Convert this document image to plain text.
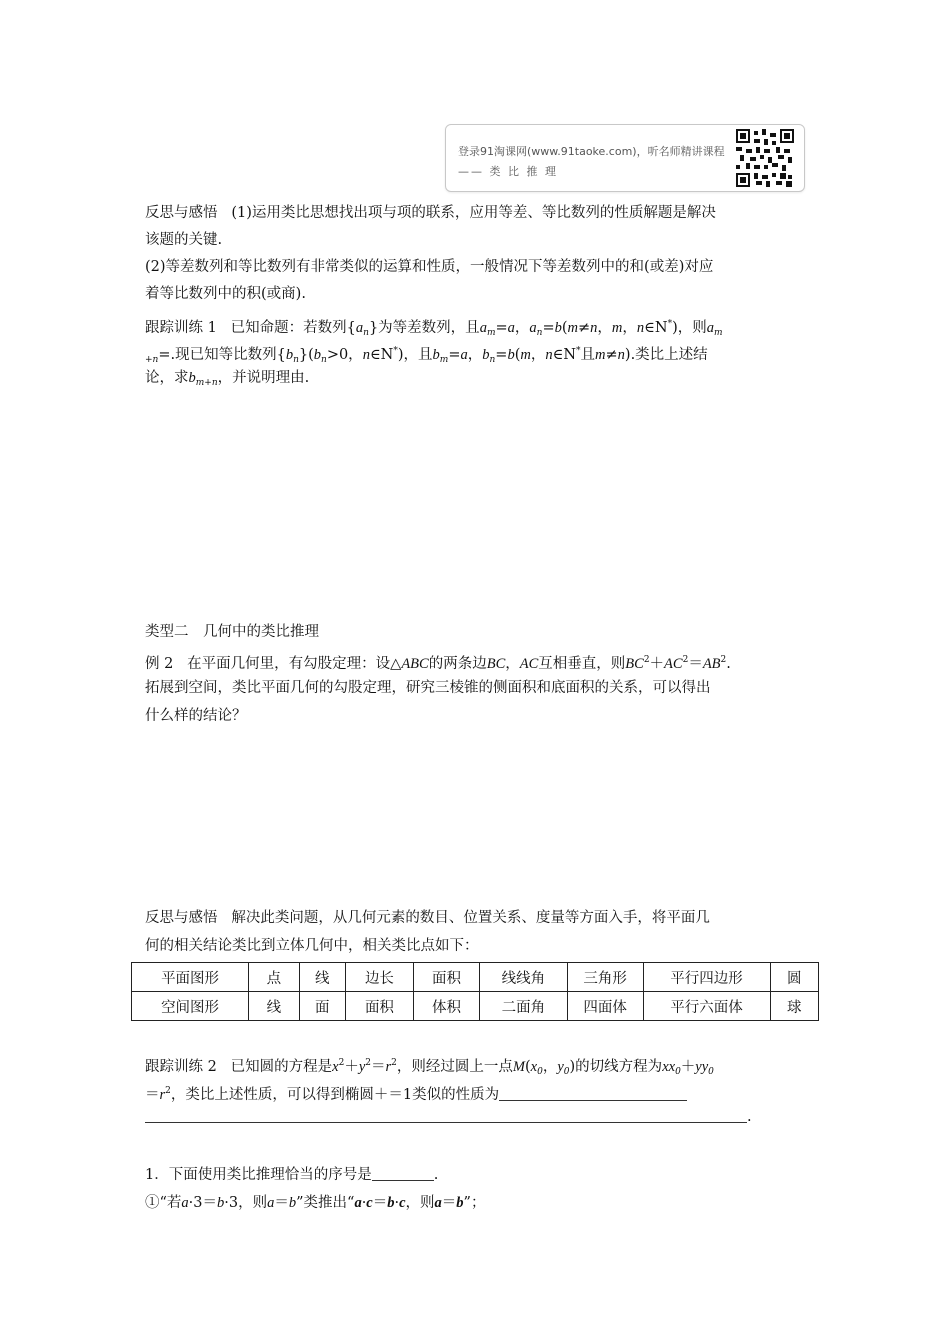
登录91淘课网(www.91taoke.com)，听名师精讲课程
—— 类 比 推 理
反思与感悟 (1)运用类比思想找出项与项的联系，应用等差、等比数列的性质解题是解决
该题的关键.
(2)等差数列和等比数列有非常类似的运算和性质，一般情况下等差数列中的和(或差)对应
着等比数列中的积(或商).
跟踪训练 1 已知命题：若数列$\{a_n\}$为等差数列，且$a_m=a$，$a_n=b(m\ne n$，m，n∈N*)，则$a_m$
$_{+n}$=.现已知等比数列$\{b_n\}(b_n>0$，n∈N*)，且$b_m=a$，$b_n=b(m$，n∈N*且m≠n).类比上述结
论，求$b_{m+n}$，并说明理由.
类型二　几何中的类比推理
例 2 在平面几何里，有勾股定理：设△ABC的两条边BC，AC互相垂直，则$BC^2+AC^2=AB^2$.
拓展到空间，类比平面几何的勾股定理，研究三棱锥的侧面积和底面积的关系，可以得出
什么样的结论？
反思与感悟 解决此类问题，从几何元素的数目、位置关系、度量等方面入手，将平面几
何的相关结论类比到立体几何中，相关类比点如下：
平面图形	点	线	边长	面积	线线角	三角形	平行四边形	圆
空间图形	线	面	面积	体积	二面角	四面体	平行六面体	球
跟踪训练 2 已知圆的方程是$x^2+y^2=r^2$，则经过圆上一点$M(x_0$，$y_0$)的切线方程为$xx_0+yy_0$
$=r^2$，类比上述性质，可以得到椭圆＋＝1类似的性质为
.
1．下面使用类比推理恰当的序号是	.
①“若a·3＝b·3，则a＝b”类推出“a·c＝b·c，则a＝b”；
